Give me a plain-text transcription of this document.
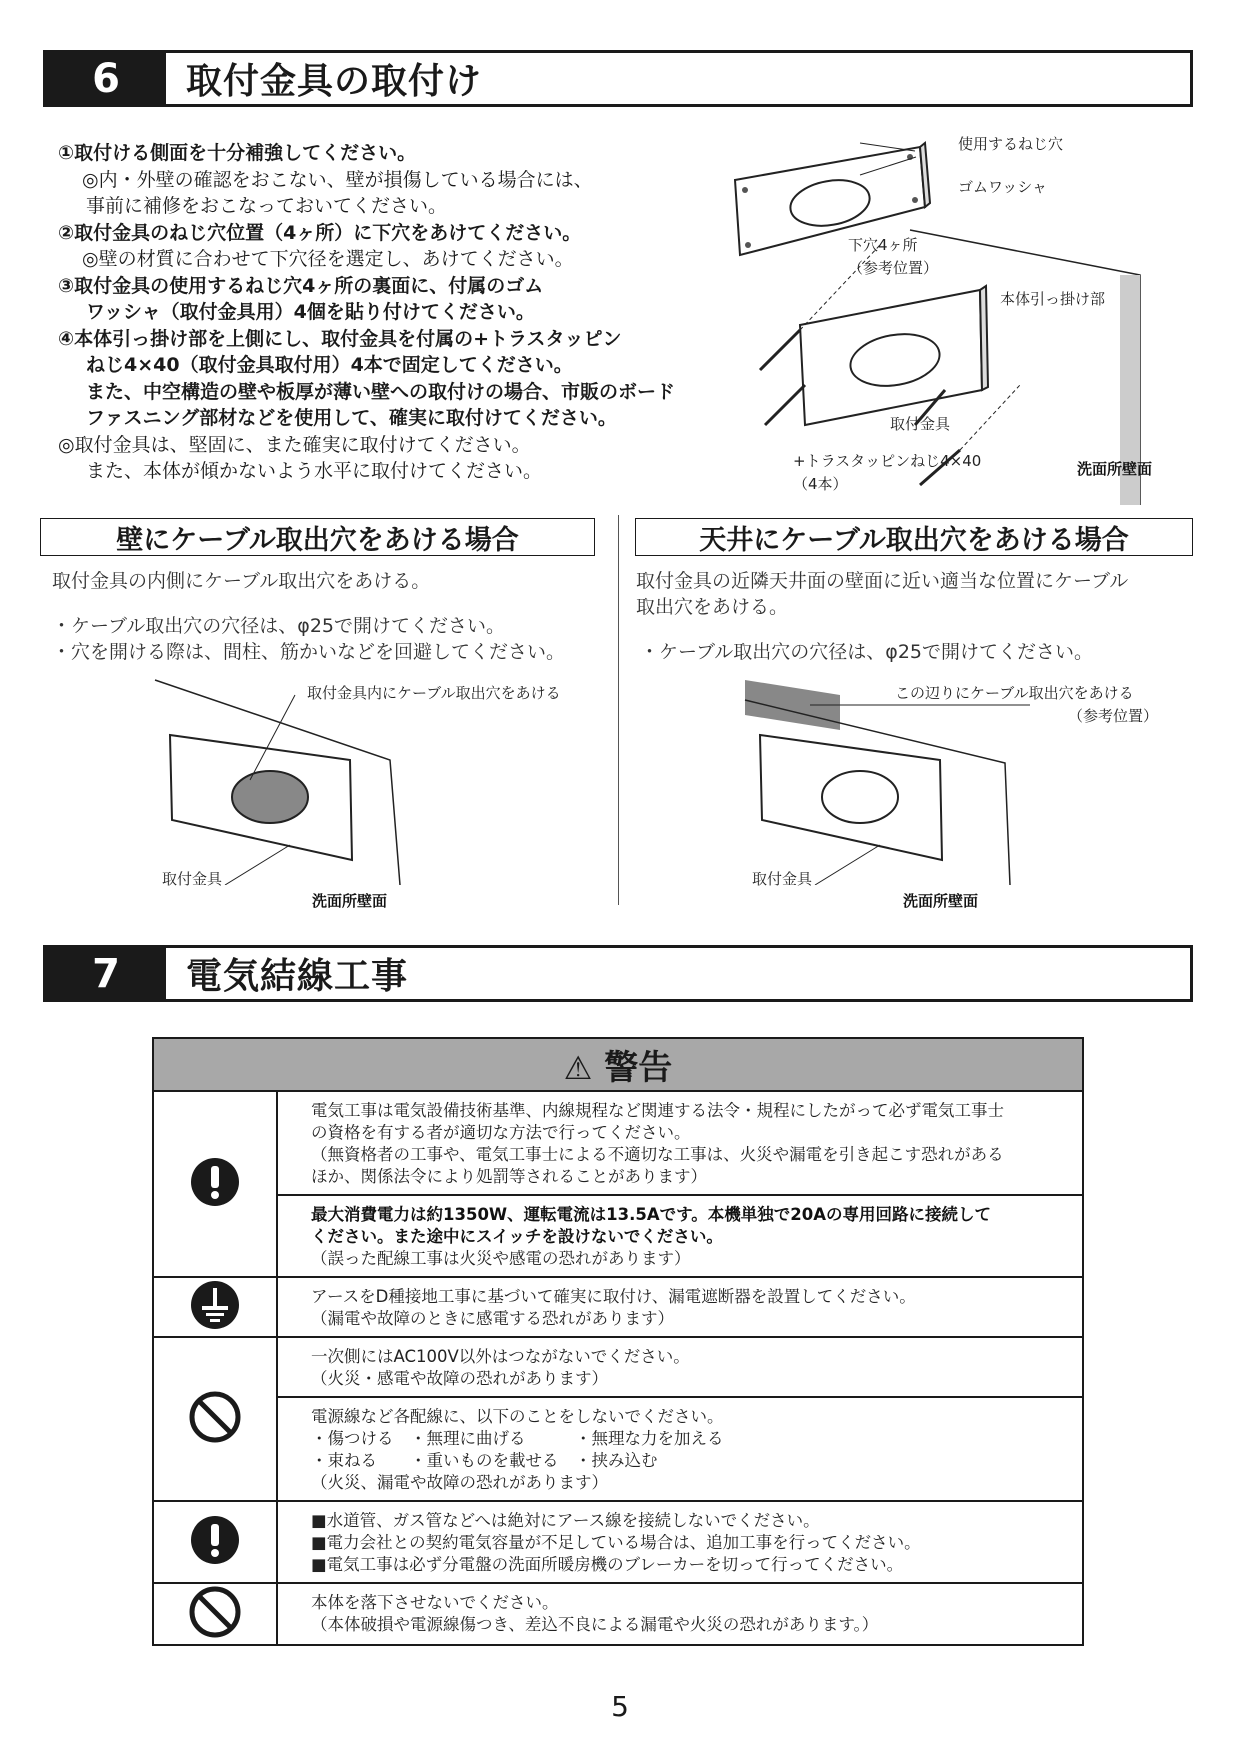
6	取付金具の取付け
①取付ける側面を十分補強してください。
◎内・外壁の確認をおこない、壁が損傷している場合には、
事前に補修をおこなっておいてください。
②取付金具のねじ穴位置（4ヶ所）に下穴をあけてください。
◎壁の材質に合わせて下穴径を選定し、あけてください。
③取付金具の使用するねじ穴4ヶ所の裏面に、付属のゴム
ワッシャ（取付金具用）4個を貼り付けてください。
④本体引っ掛け部を上側にし、取付金具を付属の+トラスタッピン
ねじ4×40（取付金具取付用）4本で固定してください。
また、中空構造の壁や板厚が薄い壁への取付けの場合、市販のボード
ファスニング部材などを使用して、確実に取付けてください。
◎取付金具は、堅固に、また確実に取付けてください。
また、本体が傾かないよう水平に取付けてください。
使用するねじ穴
ゴムワッシャ
下穴4ヶ所
（参考位置）
本体引っ掛け部
取付金具
+トラスタッピンねじ4×40
（4本）
洗面所壁面
壁にケーブル取出穴をあける場合	天井にケーブル取出穴をあける場合
取付金具の内側にケーブル取出穴をあける。
・ケーブル取出穴の穴径は、φ25で開けてください。
・穴を開ける際は、間柱、筋かいなどを回避してください。
取付金具内にケーブル取出穴をあける
取付金具
洗面所壁面
取付金具の近隣天井面の壁面に近い適当な位置にケーブル
取出穴をあける。
・ケーブル取出穴の穴径は、φ25で開けてください。
この辺りにケーブル取出穴をあける
（参考位置）
取付金具
洗面所壁面
7	電気結線工事
⚠ 警告	

電気工事は電気設備技術基準、内線規程など関連する法令・規程にしたがって必ず電気工事士
の資格を有する者が適切な方法で行ってください。
（無資格者の工事や、電気工事士による不適切な工事は、火災や漏電を引き起こす恐れがある
ほか、関係法令により処罰等されることがあります）

	最大消費電力は約1350W、運転電流は13.5Aです。本機単独で20Aの専用回路に接続して
ください。また途中にスイッチを設けないでください。
（誤った配線工事は火災や感電の恐れがあります）

アースをD種接地工事に基づいて確実に取付け、漏電遮断器を設置してください。
（漏電や故障のときに感電する恐れがあります）

一次側にはAC100V以外はつながないでください。
（火災・感電や故障の恐れがあります）

	電源線など各配線に、以下のことをしないでください。
・傷つける　・無理に曲げる　　　・無理な力を加える
・束ねる　　・重いものを載せる　・挟み込む
（火災、漏電や故障の恐れがあります）

■水道管、ガス管などへは絶対にアース線を接続しないでください。
■電力会社との契約電気容量が不足している場合は、追加工事を行ってください。
■電気工事は必ず分電盤の洗面所暖房機のブレーカーを切って行ってください。

本体を落下させないでください。
（本体破損や電源線傷つき、差込不良による漏電や火災の恐れがあります。）
5
